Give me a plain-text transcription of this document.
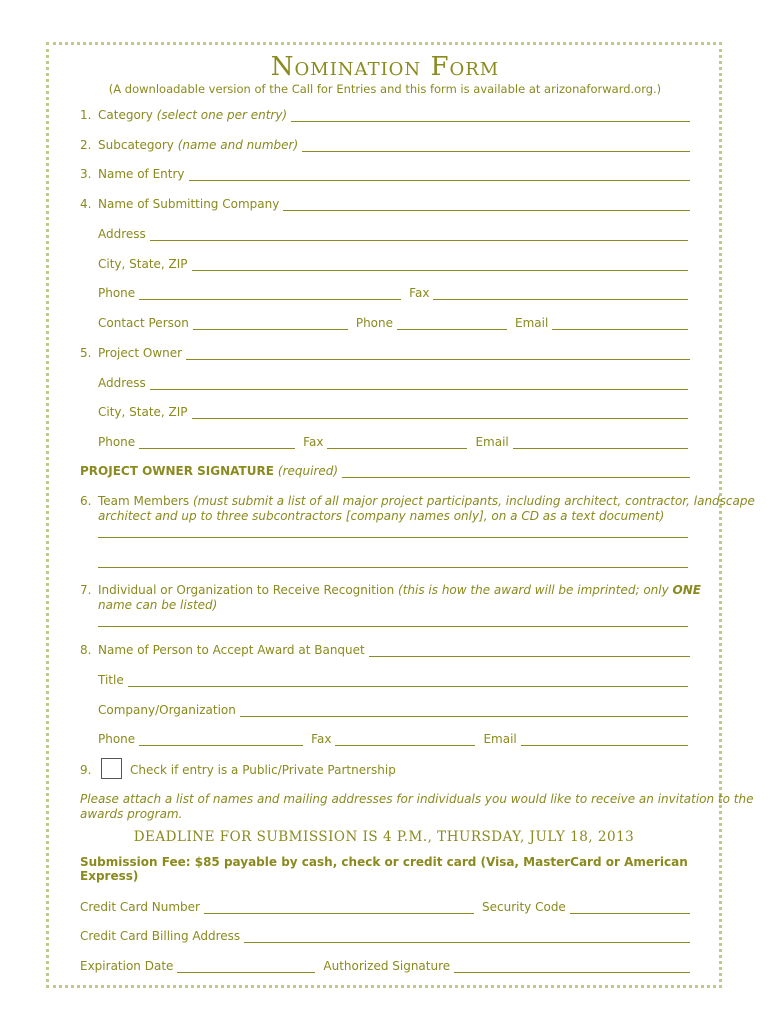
Nomination Form
(A downloadable version of the Call for Entries and this form is available at arizonaforward.org.)
1. Category (select one per entry)
2. Subcategory (name and number)
3. Name of Entry
4. Name of Submitting Company
Address
City, State, ZIP
Phone	Fax
Contact Person	Phone	Email
5. Project Owner
Address
City, State, ZIP
Phone	Fax	Email
PROJECT OWNER SIGNATURE (required)
6. Team Members (must submit a list of all major project participants, including architect, contractor, landscape
architect and up to three subcontractors [company names only], on a CD as a text document)
7. Individual or Organization to Receive Recognition (this is how the award will be imprinted; only ONE
name can be listed)
8. Name of Person to Accept Award at Banquet
Title
Company/Organization
Phone	Fax	Email
9.	Check if entry is a Public/Private Partnership
Please attach a list of names and mailing addresses for individuals you would like to receive an invitation to the
awards program.
DEADLINE FOR SUBMISSION IS 4 P.M., THURSDAY, JULY 18, 2013
Submission Fee: $85 payable by cash, check or credit card (Visa, MasterCard or American Express)
Credit Card Number	Security Code
Credit Card Billing Address
Expiration Date	Authorized Signature
